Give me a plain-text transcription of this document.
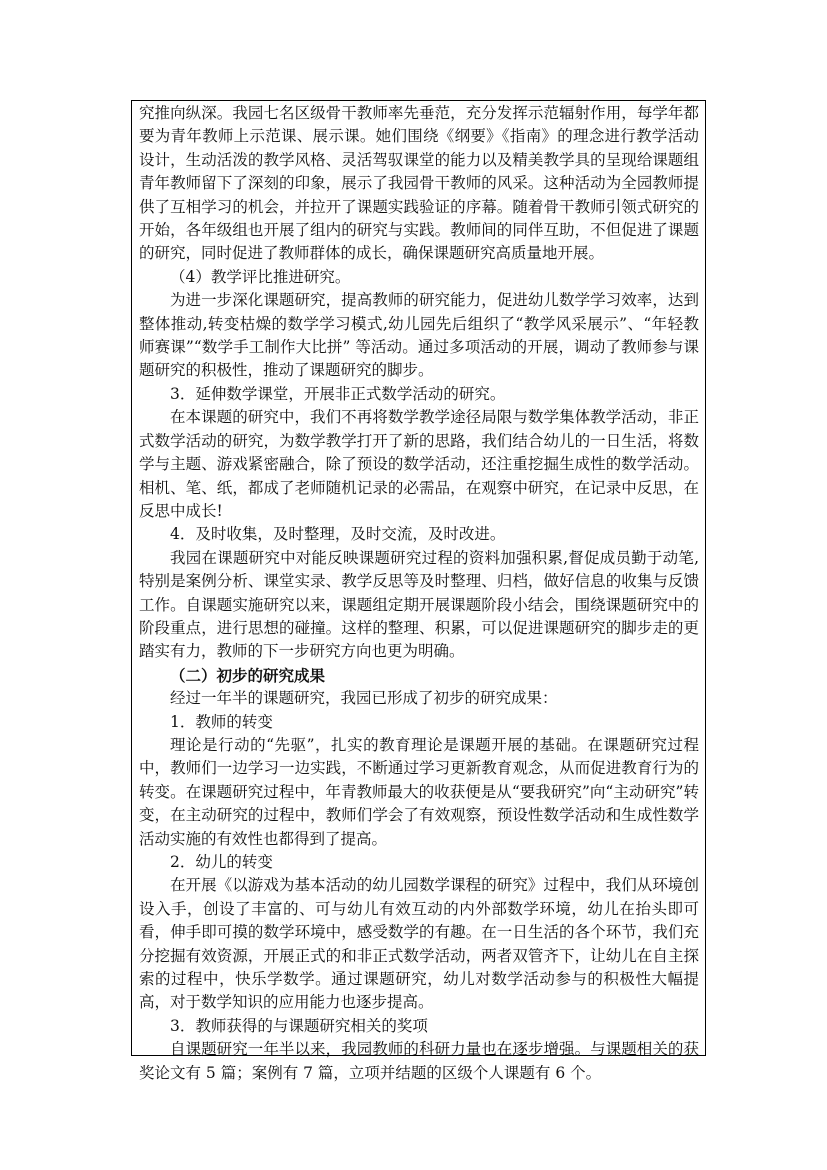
究推向纵深。我园七名区级骨干教师率先垂范，充分发挥示范辐射作用，每学年都要为青年教师上示范课、展示课。她们围绕《纲要》《指南》的理念进行教学活动设计，生动活泼的教学风格、灵活驾驭课堂的能力以及精美教学具的呈现给课题组青年教师留下了深刻的印象，展示了我园骨干教师的风采。这种活动为全园教师提供了互相学习的机会，并拉开了课题实践验证的序幕。随着骨干教师引领式研究的开始，各年级组也开展了组内的研究与实践。教师间的同伴互助，不但促进了课题的研究，同时促进了教师群体的成长，确保课题研究高质量地开展。

（4）教学评比推进研究。

为进一步深化课题研究，提高教师的研究能力，促进幼儿数学学习效率，达到整体推动,转变枯燥的数学学习模式,幼儿园先后组织了“教学风采展示”、“年轻教师赛课”“数学手工制作大比拼” 等活动。通过多项活动的开展，调动了教师参与课题研究的积极性，推动了课题研究的脚步。

3．延伸数学课堂，开展非正式数学活动的研究。

在本课题的研究中，我们不再将数学教学途径局限与数学集体教学活动，非正式数学活动的研究，为数学教学打开了新的思路，我们结合幼儿的一日生活，将数学与主题、游戏紧密融合，除了预设的数学活动，还注重挖掘生成性的数学活动。相机、笔、纸，都成了老师随机记录的必需品，在观察中研究，在记录中反思，在反思中成长!

4．及时收集，及时整理，及时交流，及时改进。

我园在课题研究中对能反映课题研究过程的资料加强积累,督促成员勤于动笔,特别是案例分析、课堂实录、教学反思等及时整理、归档，做好信息的收集与反馈工作。自课题实施研究以来，课题组定期开展课题阶段小结会，围绕课题研究中的阶段重点，进行思想的碰撞。这样的整理、积累，可以促进课题研究的脚步走的更踏实有力，教师的下一步研究方向也更为明确。

（二）初步的研究成果

经过一年半的课题研究，我园已形成了初步的研究成果：

1．教师的转变

理论是行动的“先驱”，扎实的教育理论是课题开展的基础。在课题研究过程中，教师们一边学习一边实践，不断通过学习更新教育观念，从而促进教育行为的转变。在课题研究过程中，年青教师最大的收获便是从“要我研究”向“主动研究”转变，在主动研究的过程中，教师们学会了有效观察，预设性数学活动和生成性数学活动实施的有效性也都得到了提高。

2．幼儿的转变

在开展《以游戏为基本活动的幼儿园数学课程的研究》过程中，我们从环境创设入手，创设了丰富的、可与幼儿有效互动的内外部数学环境，幼儿在抬头即可看，伸手即可摸的数学环境中，感受数学的有趣。在一日生活的各个环节，我们充分挖掘有效资源，开展正式的和非正式数学活动，两者双管齐下，让幼儿在自主探索的过程中，快乐学数学。通过课题研究，幼儿对数学活动参与的积极性大幅提高，对于数学知识的应用能力也逐步提高。

3．教师获得的与课题研究相关的奖项

自课题研究一年半以来，我园教师的科研力量也在逐步增强。与课题相关的获奖论文有 5 篇；案例有 7 篇，立项并结题的区级个人课题有 6 个。
